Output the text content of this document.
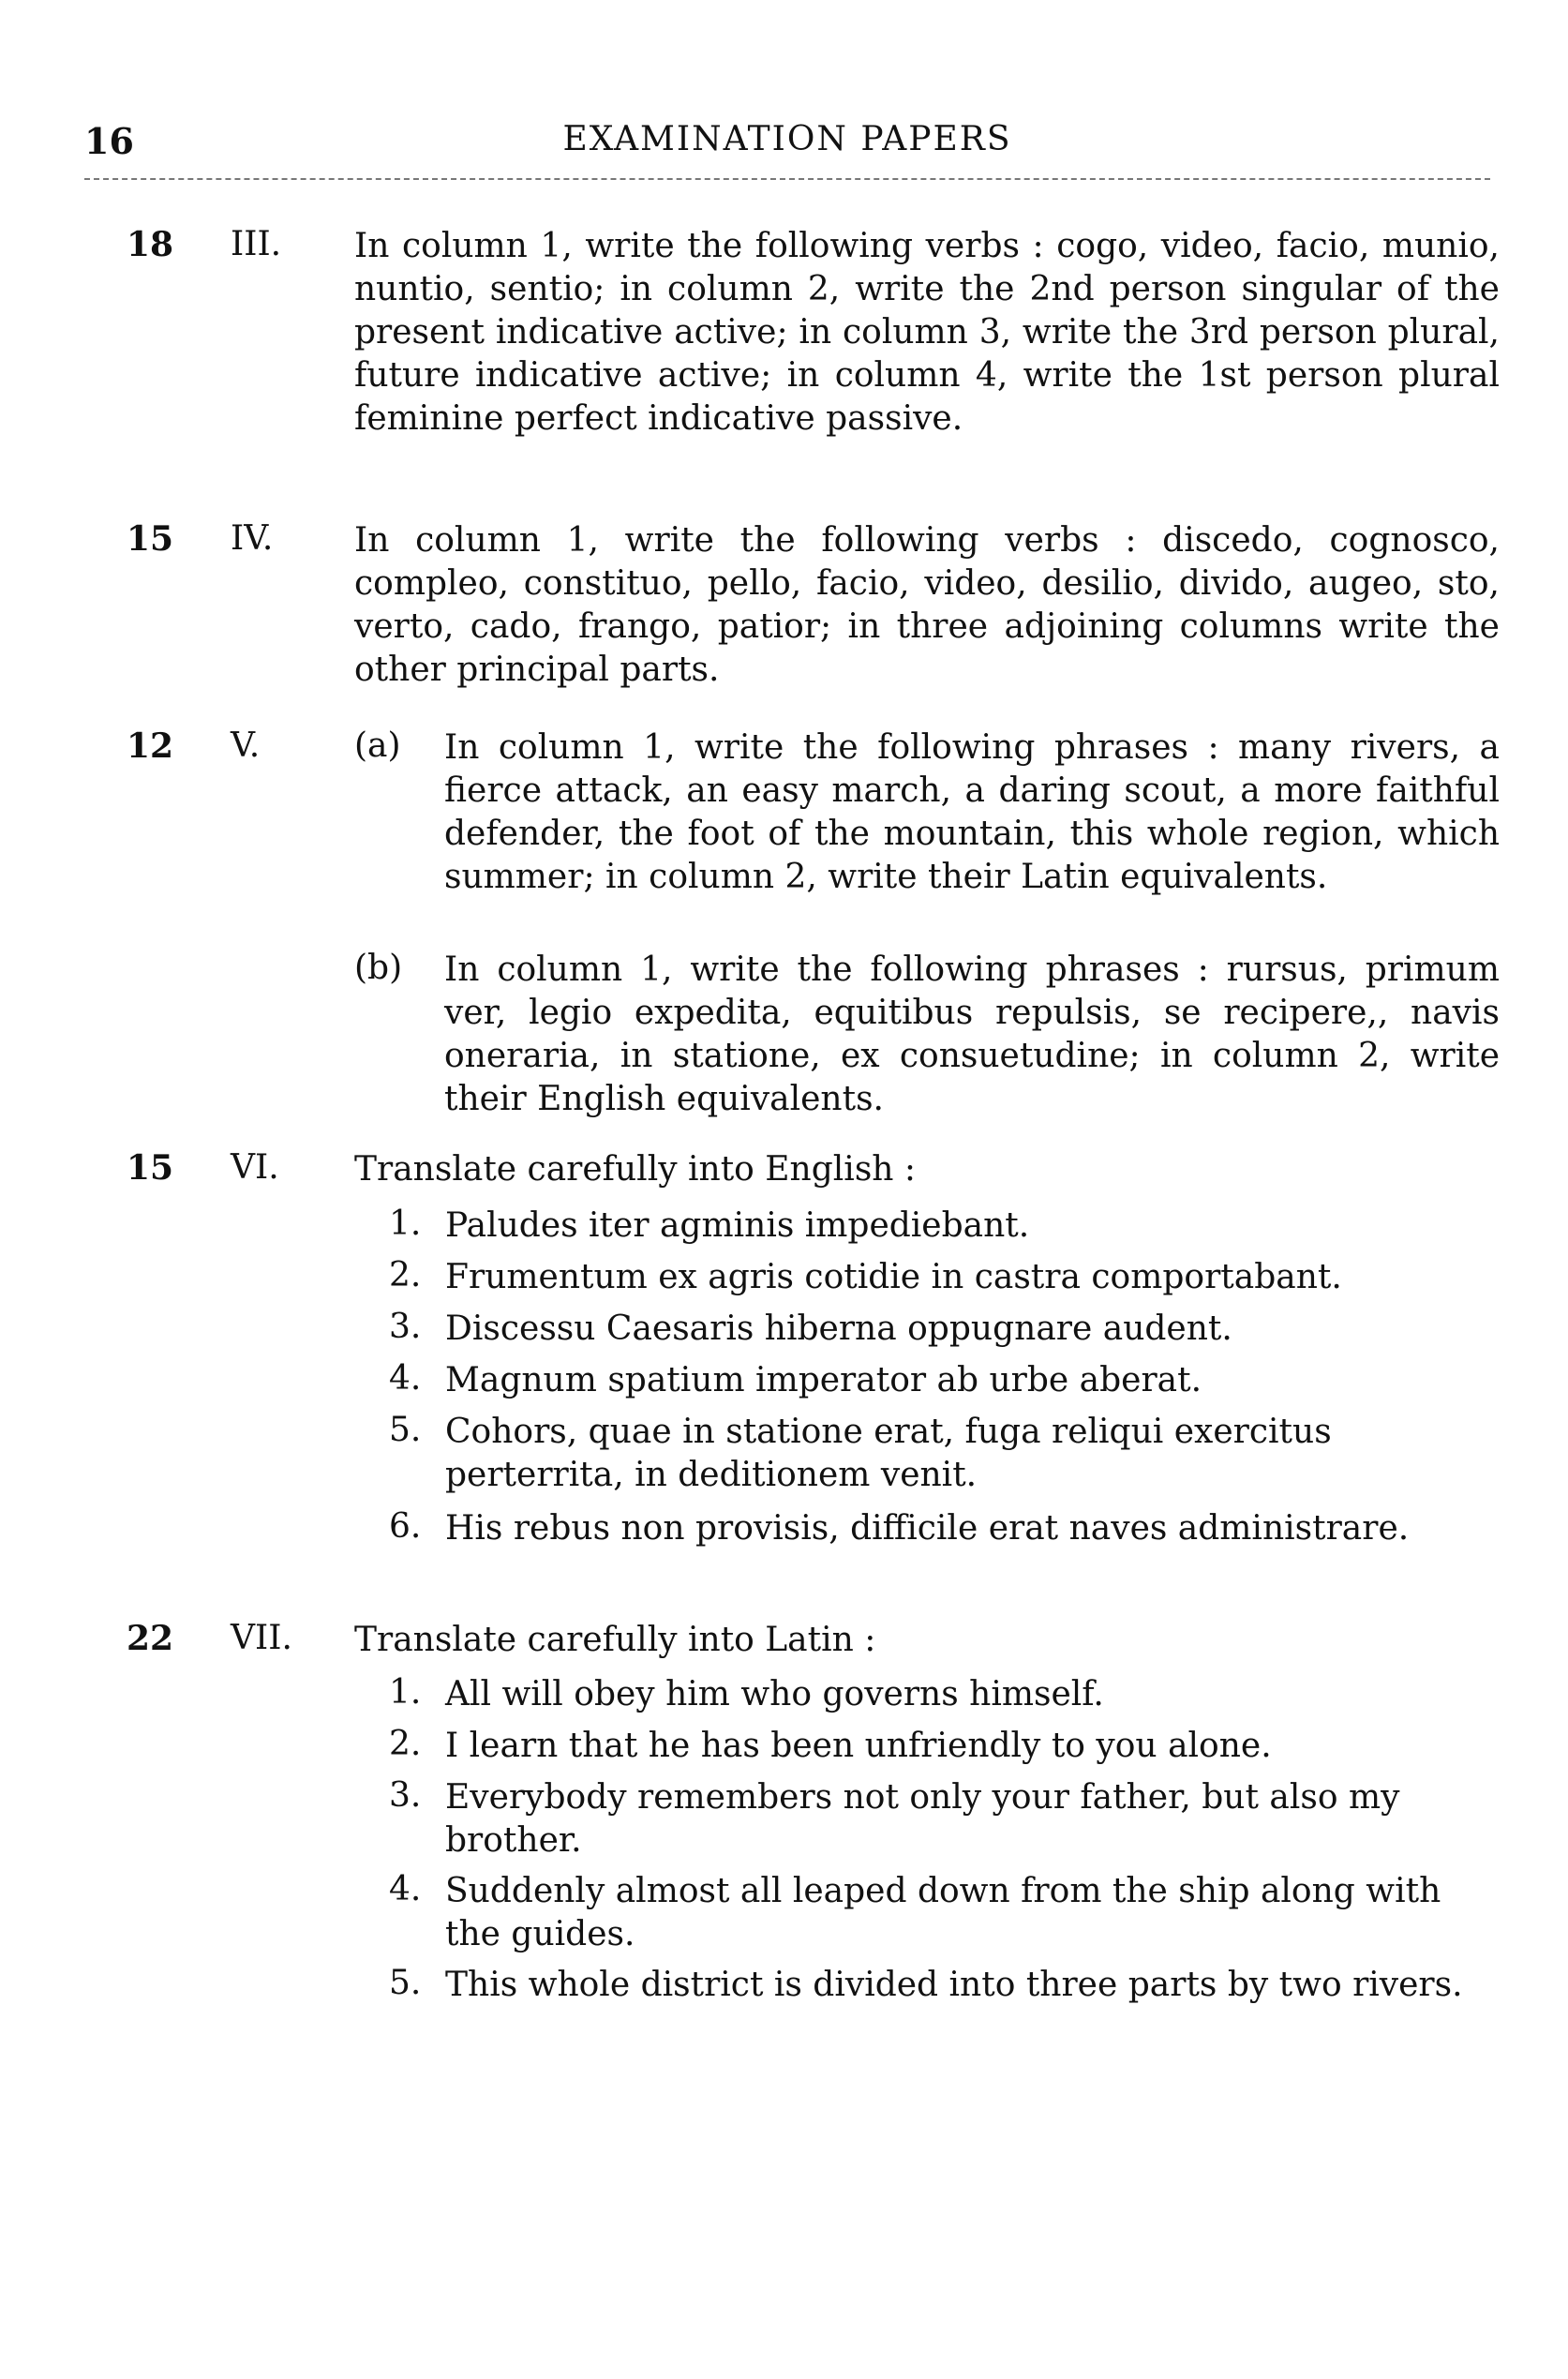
16	EXAMINATION PAPERS
18 III. In column 1, write the following verbs : cogo, video, facio, munio, nuntio, sentio; in column 2, write the 2nd person singular of the present indicative active; in column 3, write the 3rd person plural, future indicative active; in column 4, write the 1st person plural feminine perfect indicative passive.
15 IV. In column 1, write the following verbs : discedo, cognosco, compleo, constituo, pello, facio, video, desilio, divido, augeo, sto, verto, cado, frango, patior; in three adjoining columns write the other principal parts.
12 V.	(a) In column 1, write the following phrases : many rivers, a fierce attack, an easy march, a daring scout, a more faithful defender, the foot of the mountain, this whole region, which summer; in column 2, write their Latin equivalents.
(b) In column 1, write the following phrases : rursus, primum ver, legio expedita, equitibus repulsis, se recipere,, navis oneraria, in statione, ex consuetudine; in column 2, write their English equivalents.
15 VI. Translate carefully into English :
1. Paludes iter agminis impediebant.
2. Frumentum ex agris cotidie in castra comportabant.
3. Discessu Caesaris hiberna oppugnare audent.
4. Magnum spatium imperator ab urbe aberat.
5. Cohors, quae in statione erat, fuga reliqui exercitus perterrita, in deditionem venit.
6. His rebus non provisis, difficile erat naves administrare.
22 VII. Translate carefully into Latin :
1. All will obey him who governs himself.
2. I learn that he has been unfriendly to you alone.
3. Everybody remembers not only your father, but also my brother.
4. Suddenly almost all leaped down from the ship along with the guides.
5. This whole district is divided into three parts by two rivers.
